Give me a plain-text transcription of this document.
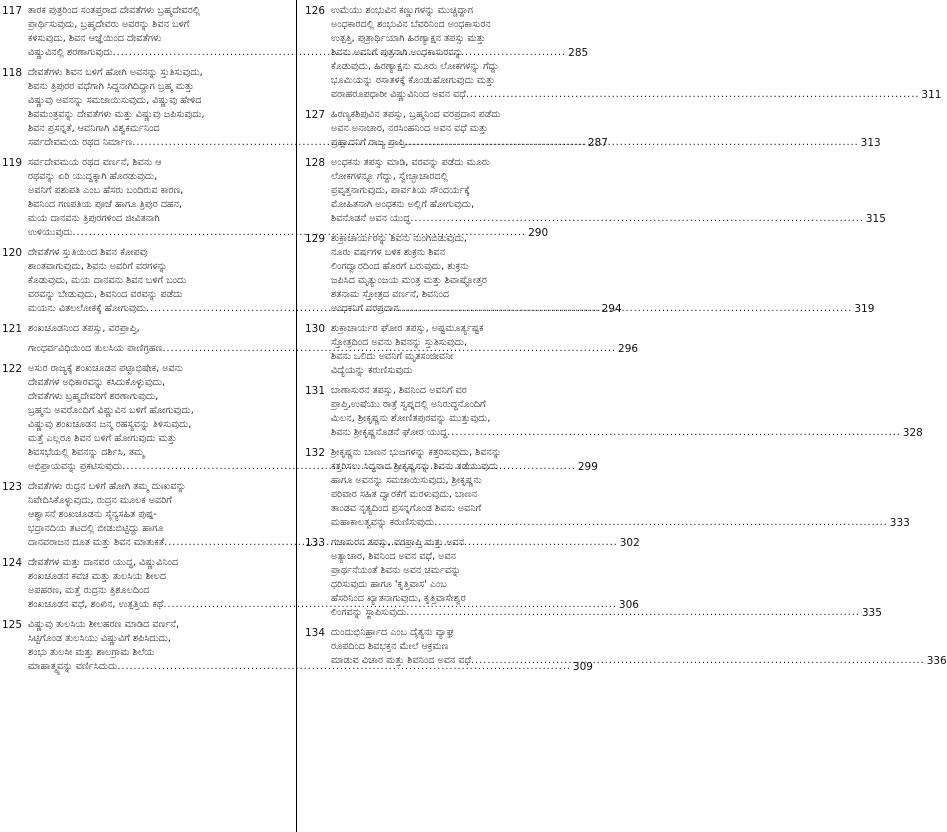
117 ತಾರಕ ಪುತ್ರರಿಂದ ಸಂತಪ್ತರಾದ ದೇವತೆಗಳು ಬ್ರಹ್ಮದೇವರಲ್ಲಿ
ಪ್ರಾರ್ಥಿಸುವುದು, ಬ್ರಹ್ಮದೇವರು ಅವರನ್ನು ಶಿವನ ಬಳಿಗೆ
ಕಳಿಸುವುದು, ಶಿವನ ಆಜ್ಞೆಯಿಂದ ದೇವತೆಗಳು
ವಿಷ್ಣುವಿನಲ್ಲಿ ಶರಣಾಗುವುದು .....	285
118 ದೇವತೆಗಳು ಶಿವನ ಬಳಿಗೆ ಹೋಗಿ ಅವನನ್ನು ಸ್ತುತಿಸುವುದು,
ಶಿವನು ತ್ರಿಪುರರ ವಧೆಗಾಗಿ ಸಿದ್ಧನಾಗಿದಿದ್ದಾಗ ಬ್ರಹ್ಮ ಮತ್ತು
ವಿಷ್ಣುವು ಅವನನ್ನು ಸಮಜಾಯಿಸುವುದು, ವಿಷ್ಣುವು ಹೇಳಿದ
ಶಿವಮಂತ್ರವನ್ನು ದೇವತೆಗಳು ಮತ್ತು ವಿಷ್ಣುವು ಜಪಿಸುವುದು,
ಶಿವನ ಪ್ರಸನ್ನತೆ, ಆವನಿಗಾಗಿ ವಿಶ್ವಕರ್ಮನಿಂದ
ಸರ್ವದೇವಮಯ ರಥದ ನಿರ್ಮಾಣ .....	287
119 ಸರ್ವದೇವಮಯ ರಥದ ವರ್ಣನೆ, ಶಿವನು ಆ
ರಥವನ್ನು ಏರಿ ಯುದ್ಧಕ್ಕಾಗಿ ಹೊರಡುವುದು,
ಅವನಿಗೆ ಪಶುಪತಿ ಎಂಬ ಹೆಸರು ಬಂದಿರುವ ಕಾರಣ,
ಶಿವನಿಂದ ಗಣಪತಿಯ ಪೂಜೆ ಹಾಗೂ ತ್ರಿಪುರ ದಹನ,
ಮಯ ದಾನವನು ತ್ರಿಪುರಗಳಿಂದ ಜೀವಿತನಾಗಿ
ಉಳಿಯುವುದು .....	290
120 ದೇವತೆಗಳ ಸ್ತುತಿಯಿಂದ ಶಿವನ ಕೋಪವು
ಶಾಂತವಾಗುವುದು, ಶಿವನು ಅವರಿಗೆ ವರಗಳನ್ನು
ಕೊಡುವುದು, ಮಯ ದಾನವನು ಶಿವನ ಬಳಿಗೆ ಬಂದು
ವರವನ್ನು ಬೇಡುವುದು, ಶಿವನಿಂದ ವರವನ್ನು ಪಡೆದು
ಮಯನು ವಿತಲಲೋಕಕ್ಕೆ ಹೋಗುವುದು .....	294
121 ಶಂಖಚೂಡನಿಂದ ತಪಸ್ಸು, ವರಪ್ರಾಪ್ತಿ,
ಗಾಂಧರ್ವವಿಧಿಯಿಂದ ತುಲಸಿಯ ಪಾಣಿಗ್ರಹಣ .....	296
122 ಅಸುರ ರಾಜ್ಯಕ್ಕೆ ಶಂಖಚೂಡನ ಪಟ್ಟಾಭಿಷೇಕ, ಅವನು
ದೇವತೆಗಳ ಅಧಿಕಾರವನ್ನು ಕಸಿದುಕೊಳ್ಳುವುದು,
ದೇವತೆಗಳು ಬ್ರಹ್ಮದೇವರಿಗೆ ಶರಣಾಗುವುದು,
ಬ್ರಹ್ಮನು ಅವರೊಂದಿಗೆ ವಿಷ್ಣುವಿನ ಬಳಿಗೆ ಹೋಗುವುದು,
ವಿಷ್ಣುವು ಶಂಖಚೂಡನ ಜನ್ಮ ರಹಸ್ಯವನ್ನು ತಿಳಿಸುವುದು,
ಮತ್ತೆ ಎಲ್ಲರೂ ಶಿವನ ಬಳಿಗೆ ಹೋಗುವುದು ಮತ್ತು
ಶಿವಸಭೆಯಲ್ಲಿ ಶಿವನನ್ನು ದರ್ಶಿಸಿ, ತಮ್ಮ
ಅಭಿಪ್ರಾಯವನ್ನು ಪ್ರಕಟಿಸುವುದು .....	299
123 ದೇವತೆಗಳು ರುದ್ರನ ಬಳಿಗೆ ಹೋಗಿ ತಮ್ಮ ದುಃಖವನ್ನು
ನಿವೇದಿಸಿಕೊಳ್ಳುವುದು, ರುದ್ರನ ಮೂಲಕ ಅವರಿಗೆ
ಆಶ್ವಾಸನೆ ಶಂಖಚೂಡನು ಸೈನ್ಯಸಹಿತ ಪುಷ್ಪ-
ಭದ್ರಾನದಿಯ ತಟದಲ್ಲಿ ಬೀಡುಬಿಟ್ಟಿದ್ದು ಹಾಗೂ
ದಾನವರಾಜನ ದೂತ ಮತ್ತು ಶಿವನ ಮಾತುಕತೆ .....	302
124 ದೇವತೆಗಳ ಮತ್ತು ದಾನವರ ಯುದ್ಧ, ವಿಷ್ಣುವಿನಿಂದ
ಶಂಖಚೂಡನ ಕವಚ ಮತ್ತು ತುಲಸಿಯ ಶೀಲದ
ಅಪಹರಣ, ಮತ್ತೆ ರುದ್ರನು ತ್ರಿಶೂಲದಿಂದ
ಶಂಖಚೂಡನ ವಧೆ, ಶಂಖಿನ, ಉತ್ಪತ್ತಿಯ ಕಥೆ .....	306
125 ವಿಷ್ಣುವು ತುಲಸಿಯ ಶೀಲಹರಣ ಮಾಡಿದ ವರ್ಣನೆ,
ಸಿಟ್ಟಿಗೊಂಡ ತುಲಸಿಯು ವಿಷ್ಣುವಿಗೆ ಶಪಿಸಿದುದು,
ಶಂಭು ತುಲಸೀ ಮತ್ತು ಶಾಲಗ್ರಾಮ ಶಿಲೆಯ
ಮಾಹಾತ್ಮ್ಯವನ್ನು ವರ್ಣಿಸಿದುದು .....	309
126 ಉಮೆಯು ಶಂಭುವಿನ ಕಣ್ಣುಗಳನ್ನು ಮುಚ್ಚಿದ್ದಾಗ
ಅಂಧಕಾರದಲ್ಲಿ ಶಂಭುವಿನ ಬೆವರಿನಿಂದ ಅಂಧಕಾಸುರನ
ಉತ್ಪತ್ತಿ, ಪುತ್ರಾರ್ಥಿಯಾಗಿ ಹಿರಣ್ಯಾಕ್ಷನ ತಪಸ್ಸು ಮತ್ತು
ಶಿವನು ಅವನಿಗೆ ಪುತ್ರನಾಗಿ ಅಂಧಕಾಸುರನನ್ನು
ಕೊಡುವುದು, ಹಿರಣ್ಯಾಕ್ಷನು ಮೂರು ಲೋಕಗಳನ್ನು ಗೆದ್ದು
ಭೂಮಿಯನ್ನು ರಸಾತಳಕ್ಕೆ ಕೊಂಡುಹೋಗುವುದು ಮತ್ತು
ವರಾಹರೂಪಧಾರೀ ವಿಷ್ಣುವಿನಿಂದ ಅವನ ವಧೆ .....	311
127 ಹಿರಣ್ಯಕಶಿಪುವಿನ ತಪಸ್ಸು, ಬ್ರಹ್ಮನಿಂದ ವರಪ್ರದಾನ ಪಡೆದು
ಅವನ ಅನಾಚಾರ, ನರಸಿಂಹನಿಂದ ಅವನ ವಧೆ ಮತ್ತು
ಪ್ರಹ್ಲಾದನಿಗೆ ರಾಜ್ಯ ಪ್ರಾಪ್ತಿ .....	313
128 ಅಂಧಕನು ತಪಸ್ಸು ಮಾಡಿ, ವರವನ್ನು ಪಡೆದು ಮೂರು
ಲೋಕಗಳನ್ನೂ ಗೆದ್ದು, ಸ್ವೇಚ್ಛಾಚಾರದಲ್ಲಿ
ಪ್ರವೃತ್ತನಾಗುವುದು, ಪಾರ್ವತಿಯ ಸೌಂದರ್ಯಕ್ಕೆ
ಮೋಹಿತನಾಗಿ ಅಂಧಕನು ಅಲ್ಲಿಗೆ ಹೋಗುವುದು,
ಶಿವನೊಡನೆ ಅವನ ಯುದ್ಧ .....	315
129 ಶುಕ್ರಾಚಾರ್ಯರನ್ನು ಶಿವನು ನುಂಗಿಬಿಡುವುದು,
ನೂರು ವರ್ಷಗಳ ಬಳಿಕ ಶುಕ್ರನು ಶಿವನ
ಲಿಂಗದ್ವಾರದಿಂದ ಹೊರಗೆ ಬರುವುದು, ಶುಕ್ರನು
ಜಪಿಸಿದ ಮೃತ್ಯುಂಜಯ ಮಂತ್ರ ಮತ್ತು ಶಿವಾಷ್ಟೋತ್ತರ
ಶತನಾಮ ಸ್ತೋತ್ರದ ವರ್ಣನೆ, ಶಿವನಿಂದ
ಅಂಧಕನಿಗೆ ವರಪ್ರದಾನ .....	319
130 ಶುಕ್ರಾಚಾರ್ಯರ ಘೋರ ತಪಸ್ಸು, ಅಷ್ಟಮೂರ್ತ್ಯಷ್ಟಕ
ಸ್ತೋತ್ರದಿಂದ ಅವನು ಶಿವನನ್ನು ಸ್ತುತಿಸುವುದು,
ಶಿವನು ಒಲಿದು ಅವನಿಗೆ ಮೃತಸಂಜೀವನೀ
ವಿದ್ಯೆಯನ್ನು ಕರುಣಿಸುವುದು
131 ಬಾಣಾಸುರನ ತಪಸ್ಸು, ಶಿವನಿಂದ ಅವನಿಗೆ ವರ
ಪ್ರಾಪ್ತಿ,ಉಷೆಯು ರಾತ್ರೆ ಸ್ವಪ್ನದಲ್ಲಿ ಅನಿರುದ್ಧನೊಂದಿಗೆ
ಮಿಲನ, ಶ್ರೀಕೃಷ್ಣನು ಶೋಣಿತಪುರವನ್ನು ಮುತ್ತುವುದು,
ಶಿವನು ಶ್ರೀಕೃಷ್ಣನೊಡನೆ ಘೋರ ಯುದ್ಧ .....	328
132 ಶ್ರೀಕೃಷ್ಣನು ಬಾಣನ ಭುಜಗಳನ್ನು ಕತ್ತರಿಸುವುದು, ಶಿವನನ್ನು
ಕತ್ತರಿಸಲು ಸಿದ್ಧನಾದ ಶ್ರೀಕೃಷ್ಣನನ್ನು ಶಿವನು ತಡೆಯುವುದು
ಹಾಗೂ ಅವನನ್ನು ಸಮಜಾಯಿಸುವುದು, ಶ್ರೀಕೃಷ್ಣನು
ಪರಿವಾರ ಸಹಿತ ದ್ವಾರಕೆಗೆ ಮರಳುವುದು, ಬಾಣನ
ತಾಂಡವ ನೃತ್ಯದಿಂದ ಪ್ರಸನ್ನಗೊಂಡ ಶಿವನು ಅವನಿಗೆ
ಮಹಾಕಾಲತ್ವವನ್ನು ಕರುಣಿಸುವುದು .....	333
133 ಗಜಾಸುರನ ತಪಸ್ಸು, ವರಪ್ರಾಪ್ತಿ ಮತ್ತು ಅವನ
ಅತ್ಯಾಚಾರ, ಶಿವನಿಂದ ಅವನ ವಧೆ, ಅವನ
ಪ್ರಾರ್ಥನೆಯಂತೆ ಶಿವನು ಅವನ ಚರ್ಮವನ್ನು
ಧರಿಸುವುದು ಹಾಗೂ 'ಕೃತ್ತಿವಾಸ' ಎಂಬ
ಹೆಸರಿನಿಂದ ಖ್ಯಾತನಾಗುವುದು, ಕೃತ್ತಿವಾಸೇಶ್ವರ
ಲಿಂಗವನ್ನು ಸ್ಥಾಪಿಸುವುದು .....	335
134 ದುಂದುಭಿನಿರ್ಹ್ರಾದ ಎಂಬ ದೈತ್ಯನು ವ್ಯಾಘ್ರ
ರೂಪದಿಂದ ಶಿವಭಕ್ತನ ಮೇಲೆ ಆಕ್ರಮಣ
ಮಾಡುವ ವಿಚಾರ ಮತ್ತು ಶಿವನಿಂದ ಅವನ ವಧೆ .....	336
